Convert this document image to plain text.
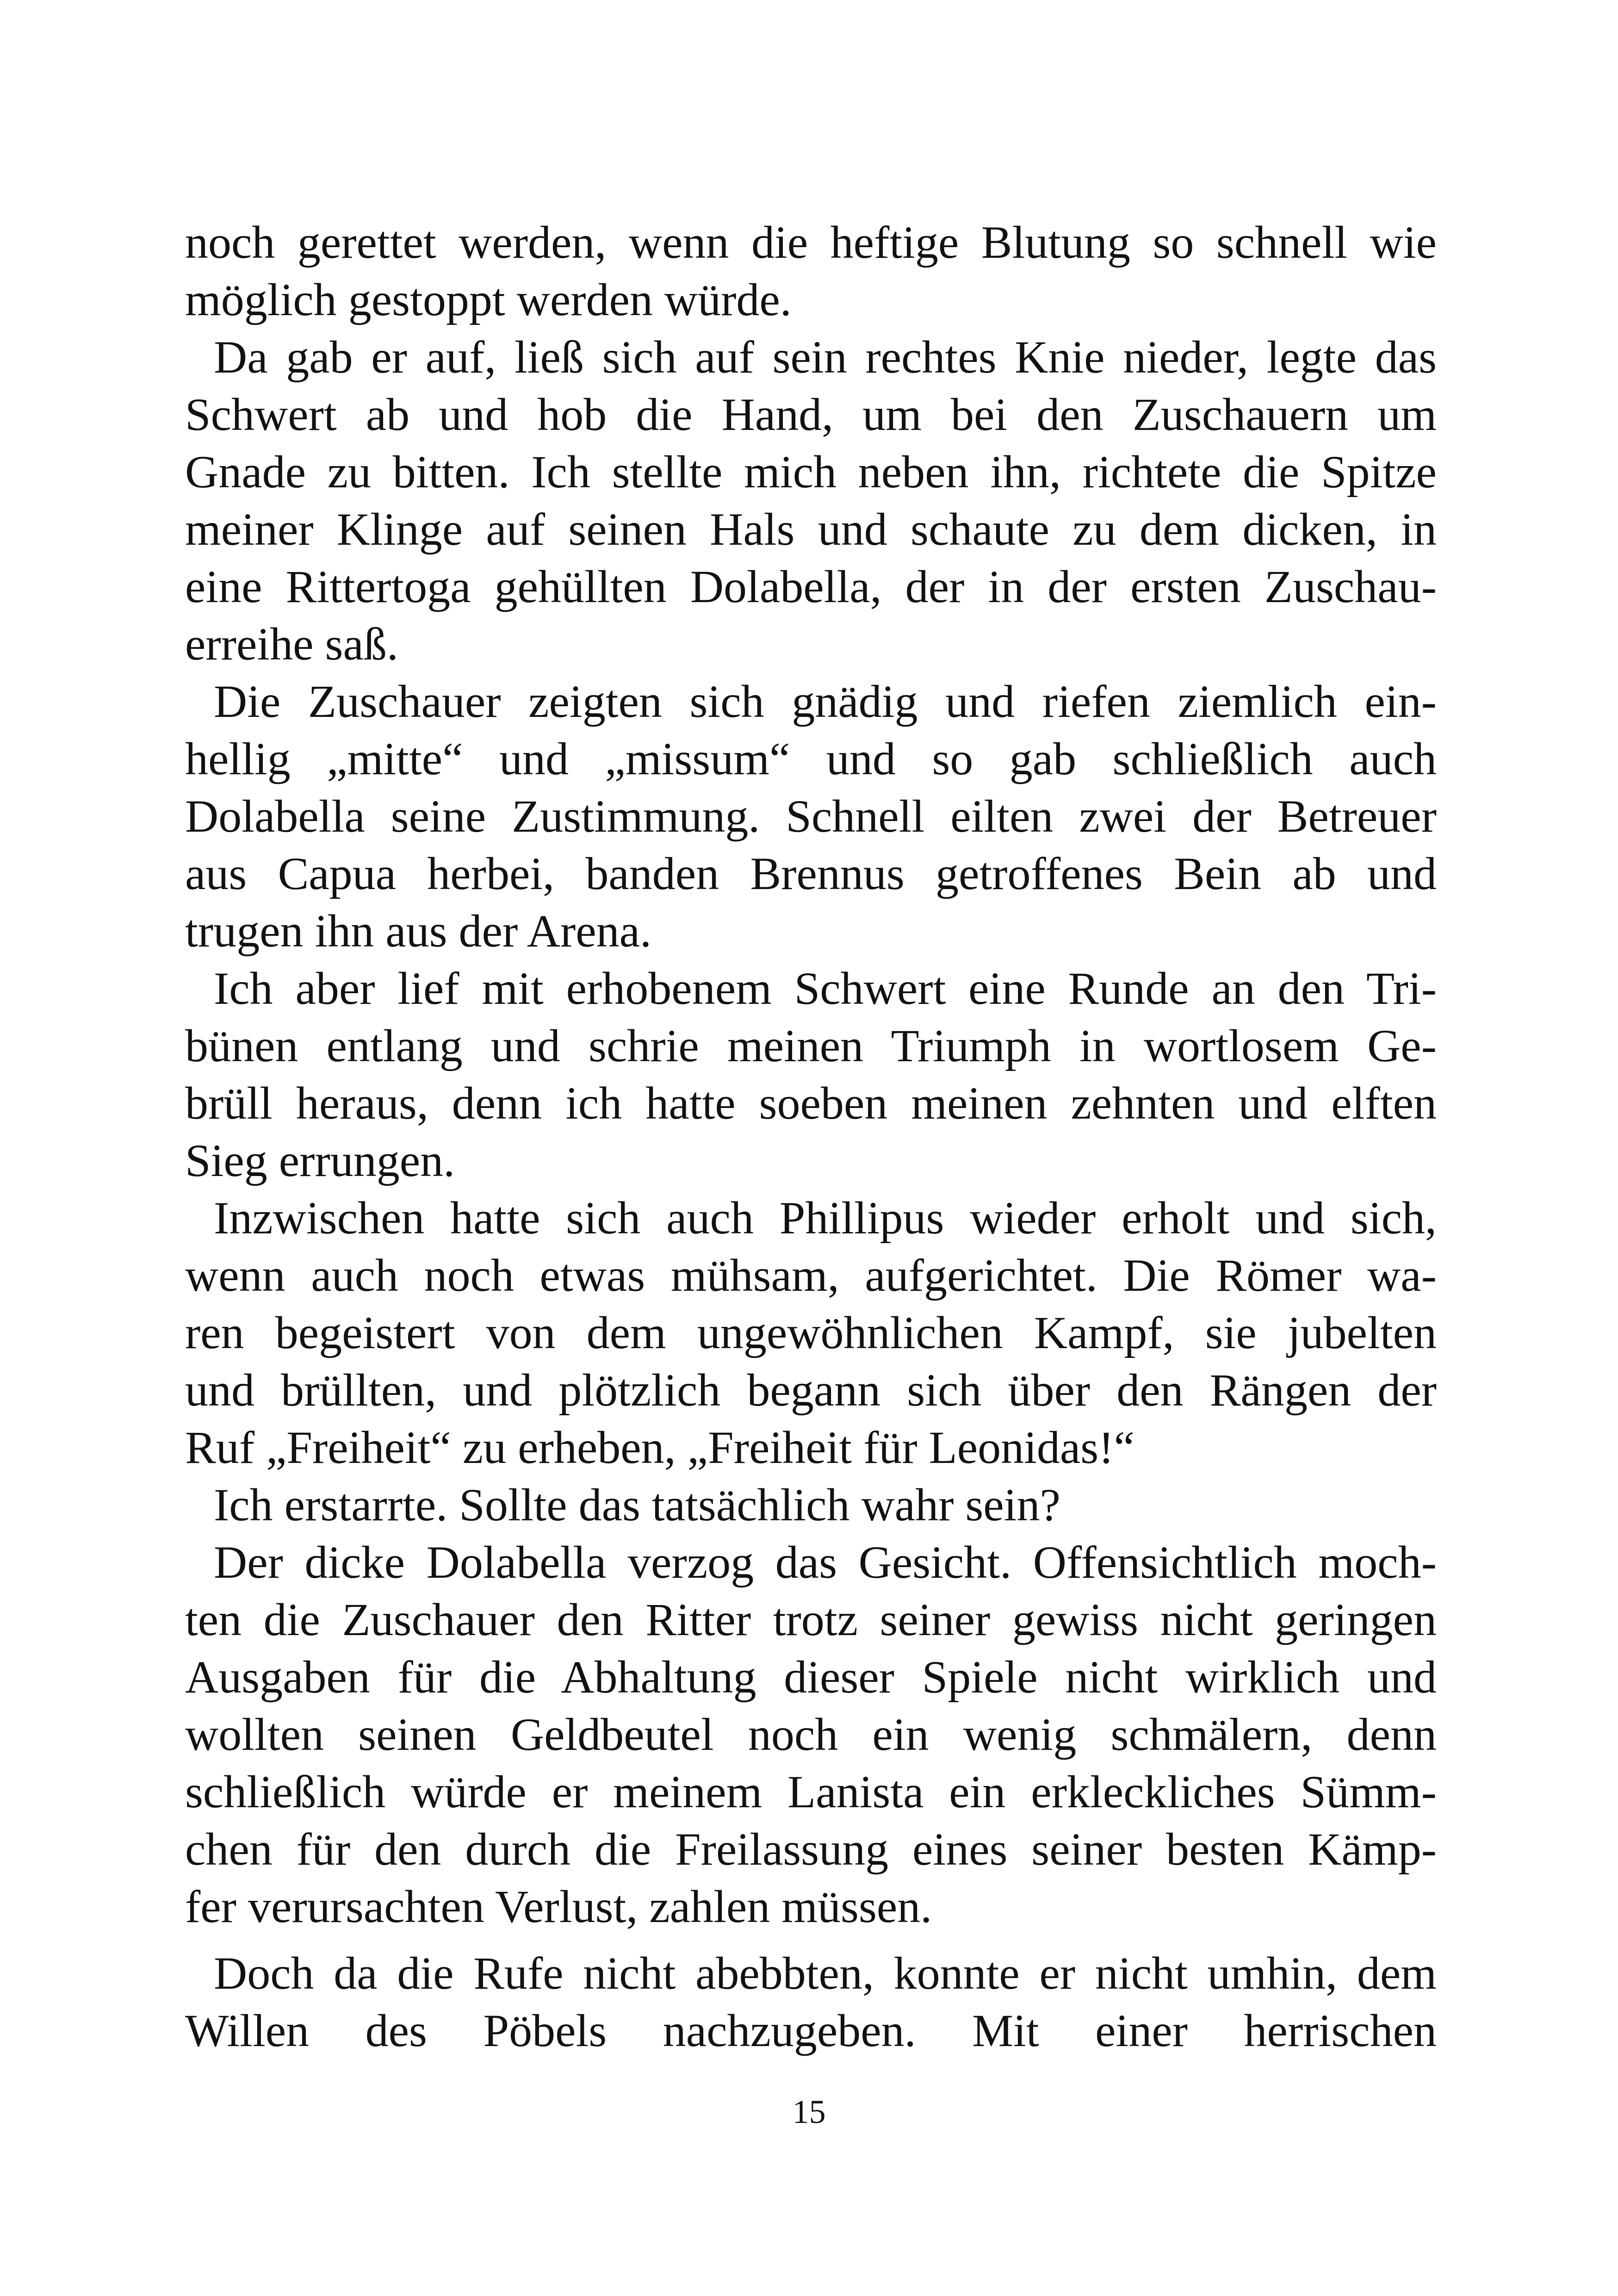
noch gerettet werden, wenn die heftige Blutung so schnell wie
möglich gestoppt werden würde.
Da gab er auf, ließ sich auf sein rechtes Knie nieder, legte das
Schwert ab und hob die Hand, um bei den Zuschauern um
Gnade zu bitten. Ich stellte mich neben ihn, richtete die Spitze
meiner Klinge auf seinen Hals und schaute zu dem dicken, in
eine Rittertoga gehüllten Dolabella, der in der ersten Zuschau-
erreihe saß.
Die Zuschauer zeigten sich gnädig und riefen ziemlich ein-
hellig „mitte“ und „missum“ und so gab schließlich auch
Dolabella seine Zustimmung. Schnell eilten zwei der Betreuer
aus Capua herbei, banden Brennus getroffenes Bein ab und
trugen ihn aus der Arena.
Ich aber lief mit erhobenem Schwert eine Runde an den Tri-
bünen entlang und schrie meinen Triumph in wortlosem Ge-
brüll heraus, denn ich hatte soeben meinen zehnten und elften
Sieg errungen.
Inzwischen hatte sich auch Phillipus wieder erholt und sich,
wenn auch noch etwas mühsam, aufgerichtet. Die Römer wa-
ren begeistert von dem ungewöhnlichen Kampf, sie jubelten
und brüllten, und plötzlich begann sich über den Rängen der
Ruf „Freiheit“ zu erheben, „Freiheit für Leonidas!“
Ich erstarrte. Sollte das tatsächlich wahr sein?
Der dicke Dolabella verzog das Gesicht. Offensichtlich moch-
ten die Zuschauer den Ritter trotz seiner gewiss nicht geringen
Ausgaben für die Abhaltung dieser Spiele nicht wirklich und
wollten seinen Geldbeutel noch ein wenig schmälern, denn
schließlich würde er meinem Lanista ein erkleckliches Sümm-
chen für den durch die Freilassung eines seiner besten Kämp-
fer verursachten Verlust, zahlen müssen.
Doch da die Rufe nicht abebbten, konnte er nicht umhin, dem
Willen des Pöbels nachzugeben. Mit einer herrischen
15
